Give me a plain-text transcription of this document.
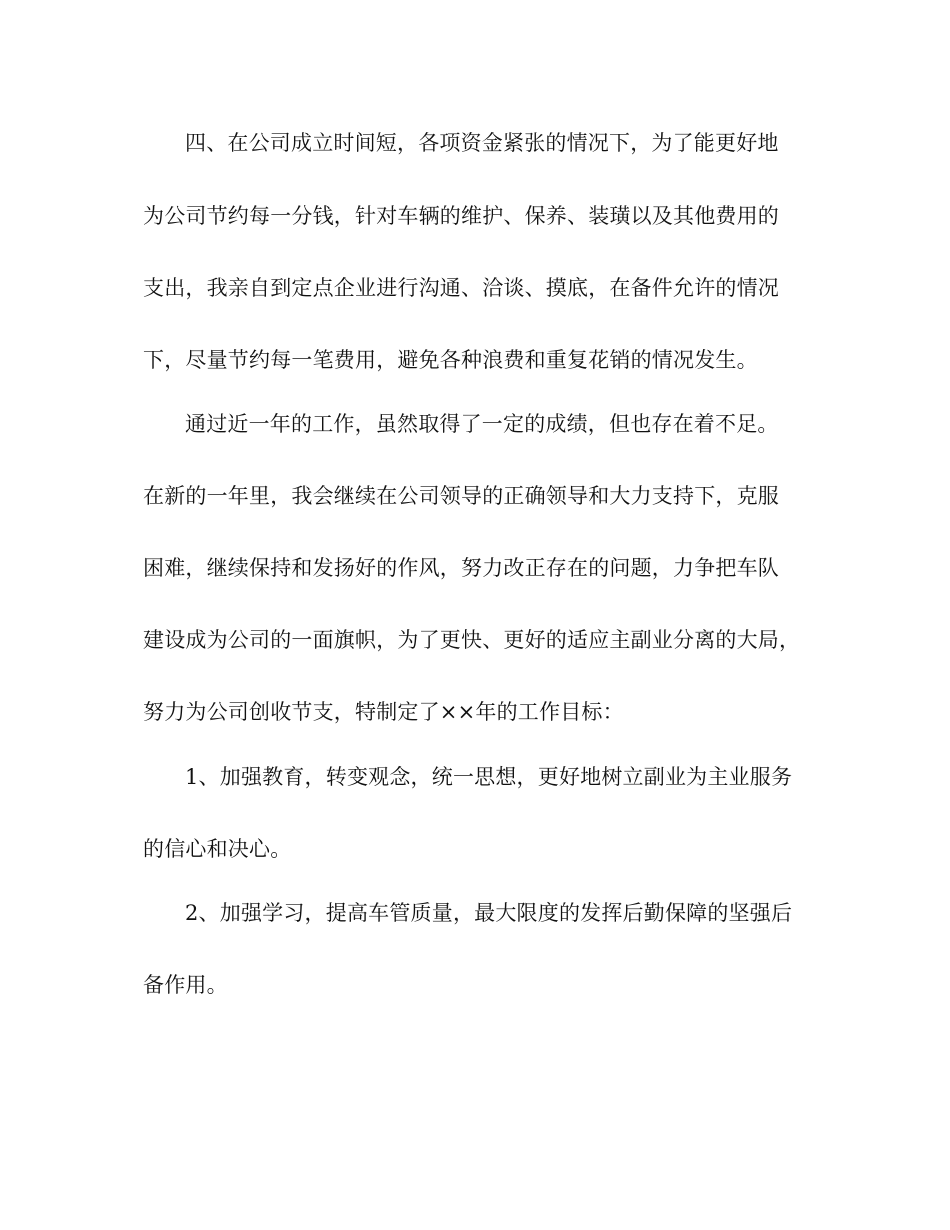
四、在公司成立时间短，各项资金紧张的情况下，为了能更好地
为公司节约每一分钱，针对车辆的维护、保养、装璜以及其他费用的
支出，我亲自到定点企业进行沟通、洽谈、摸底，在备件允许的情况
下，尽量节约每一笔费用，避免各种浪费和重复花销的情况发生。
通过近一年的工作，虽然取得了一定的成绩，但也存在着不足。
在新的一年里，我会继续在公司领导的正确领导和大力支持下，克服
困难，继续保持和发扬好的作风，努力改正存在的问题，力争把车队
建设成为公司的一面旗帜，为了更快、更好的适应主副业分离的大局，
努力为公司创收节支，特制定了××年的工作目标：
1、加强教育，转变观念，统一思想，更好地树立副业为主业服务
的信心和决心。
2、加强学习，提高车管质量，最大限度的发挥后勤保障的坚强后
备作用。
